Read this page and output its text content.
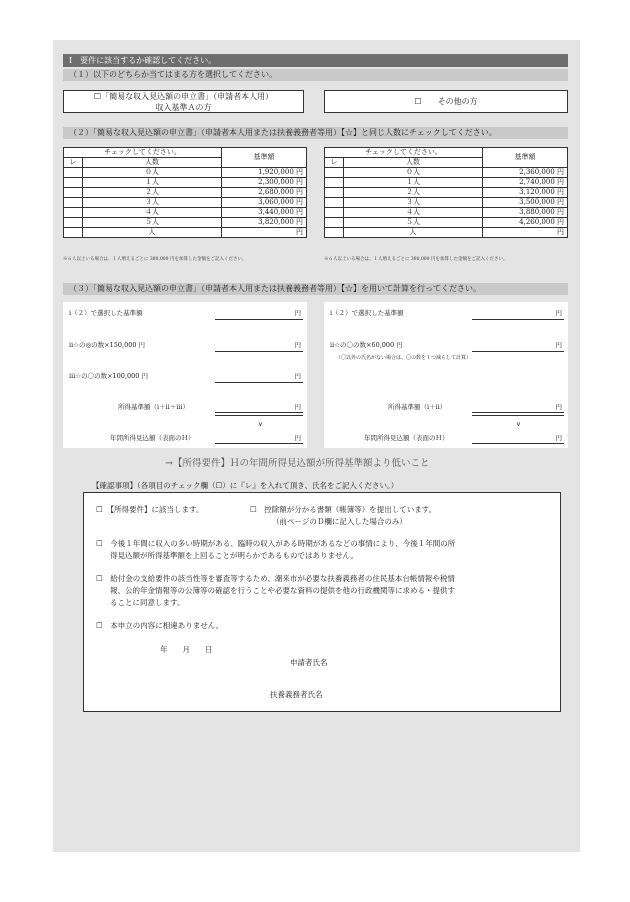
Ⅰ　要件に該当するか確認してください。
（１）以下のどちらか当てはまる方を選択してください。
☐「簡易な収入見込額の申立書」（申請者本人用）
収入基準Ａの方
☐　　その他の方
（２）「簡易な収入見込額の申立書」（申請者本人用または扶養義務者等用）【☆】と同じ人数にチェックしてください。
チェックしてください。		基準額
レ	人数	
	０人	1,920,000 円
	１人	2,300,000 円
	２人	2,680,000 円
	３人	3,060,000 円
	４人	3,440,000 円
	５人	3,820,000 円
	人	円
チェックしてください。		基準額
レ	人数	
	０人	2,360,000 円
	１人	2,740,000 円
	２人	3,120,000 円
	３人	3,500,000 円
	４人	3,880,000 円
	５人	4,260,000 円
	人	円
※６人以上いる場合は、１人増えるごとに 380,000 円を加算した金額をご記入ください。	※６人以上いる場合は、１人増えるごとに 380,000 円を加算した金額をご記入ください。
（３）「簡易な収入見込額の申立書」（申請者本人用または扶養義務者等用）【☆】を用いて計算を行ってください。
ⅰ（２）で選択した基準額	円
ⅱ☆の◎の数×150,000 円	円
ⅲ☆の〇の数×100,000 円	円
所得基準額（ⅰ＋ⅱ＋ⅲ）	円
∨
年間所得見込額（表面のＨ）	円
ⅰ（２）で選択した基準額	円
ⅱ☆の〇の数×60,000 円	円
（〇以外の氏名がない場合は、〇の数を１つ減らして計算）
所得基準額（ⅰ＋ⅱ）	円
∨
年間所得見込額（表面のＨ）	円
→【所得要件】Ｈの年間所得見込額が所得基準額より低いこと
【確認事項】（各項目のチェック欄（☐）に『レ』を入れて頂き、氏名をご記入ください。）
☐　【所得要件】に該当します。	☐　控除額が分かる書類（帳簿等）を提出しています。
（前ページのＤ欄に記入した場合のみ）
☐　今後１年間に収入の多い時期がある、臨時の収入がある時期があるなどの事情により、今後１年間の所
得見込額が所得基準額を上回ることが明らかであるものではありません。
☐　給付金の支給要件の該当性等を審査等するため、潮来市が必要な扶養義務者の住民基本台帳情報や税情
報、公的年金情報等の公簿等の確認を行うことや必要な資料の提供を他の行政機関等に求める・提供す
ることに同意します。
☐　本申立の内容に相違ありません。
年　　月　　日
申請者氏名
扶養義務者氏名
